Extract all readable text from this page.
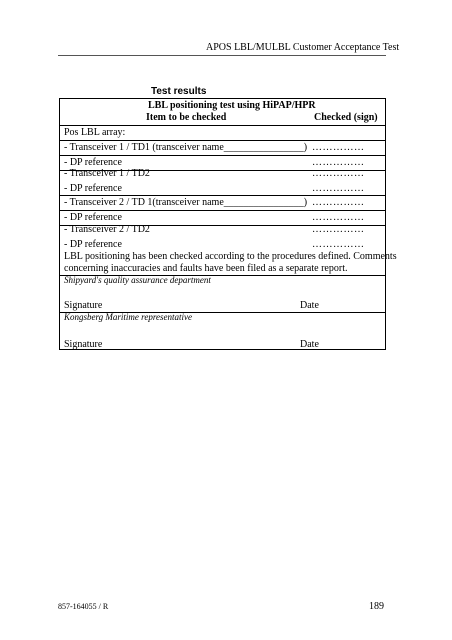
APOS LBL/MULBL Customer Acceptance Test
Test results
LBL positioning test using HiPAP/HPR
Item to be checked	Checked (sign)
Pos LBL array:
- Transceiver 1 / TD1 (transceiver name________________) ……………
- DP reference	……………
- Transceiver 1 / TD2	……………
- DP reference	……………
- Transceiver 2 / TD 1(transceiver name________________) ……………
- DP reference	……………
- Transceiver 2 / TD2	……………
- DP reference	……………
LBL positioning has been checked according to the procedures defined. Comments
concerning inaccuracies and faults have been filed as a separate report.
Shipyard's quality assurance department
Signature	Date
Kongsberg Maritime representative
Signature	Date
857-164055 / R	189
